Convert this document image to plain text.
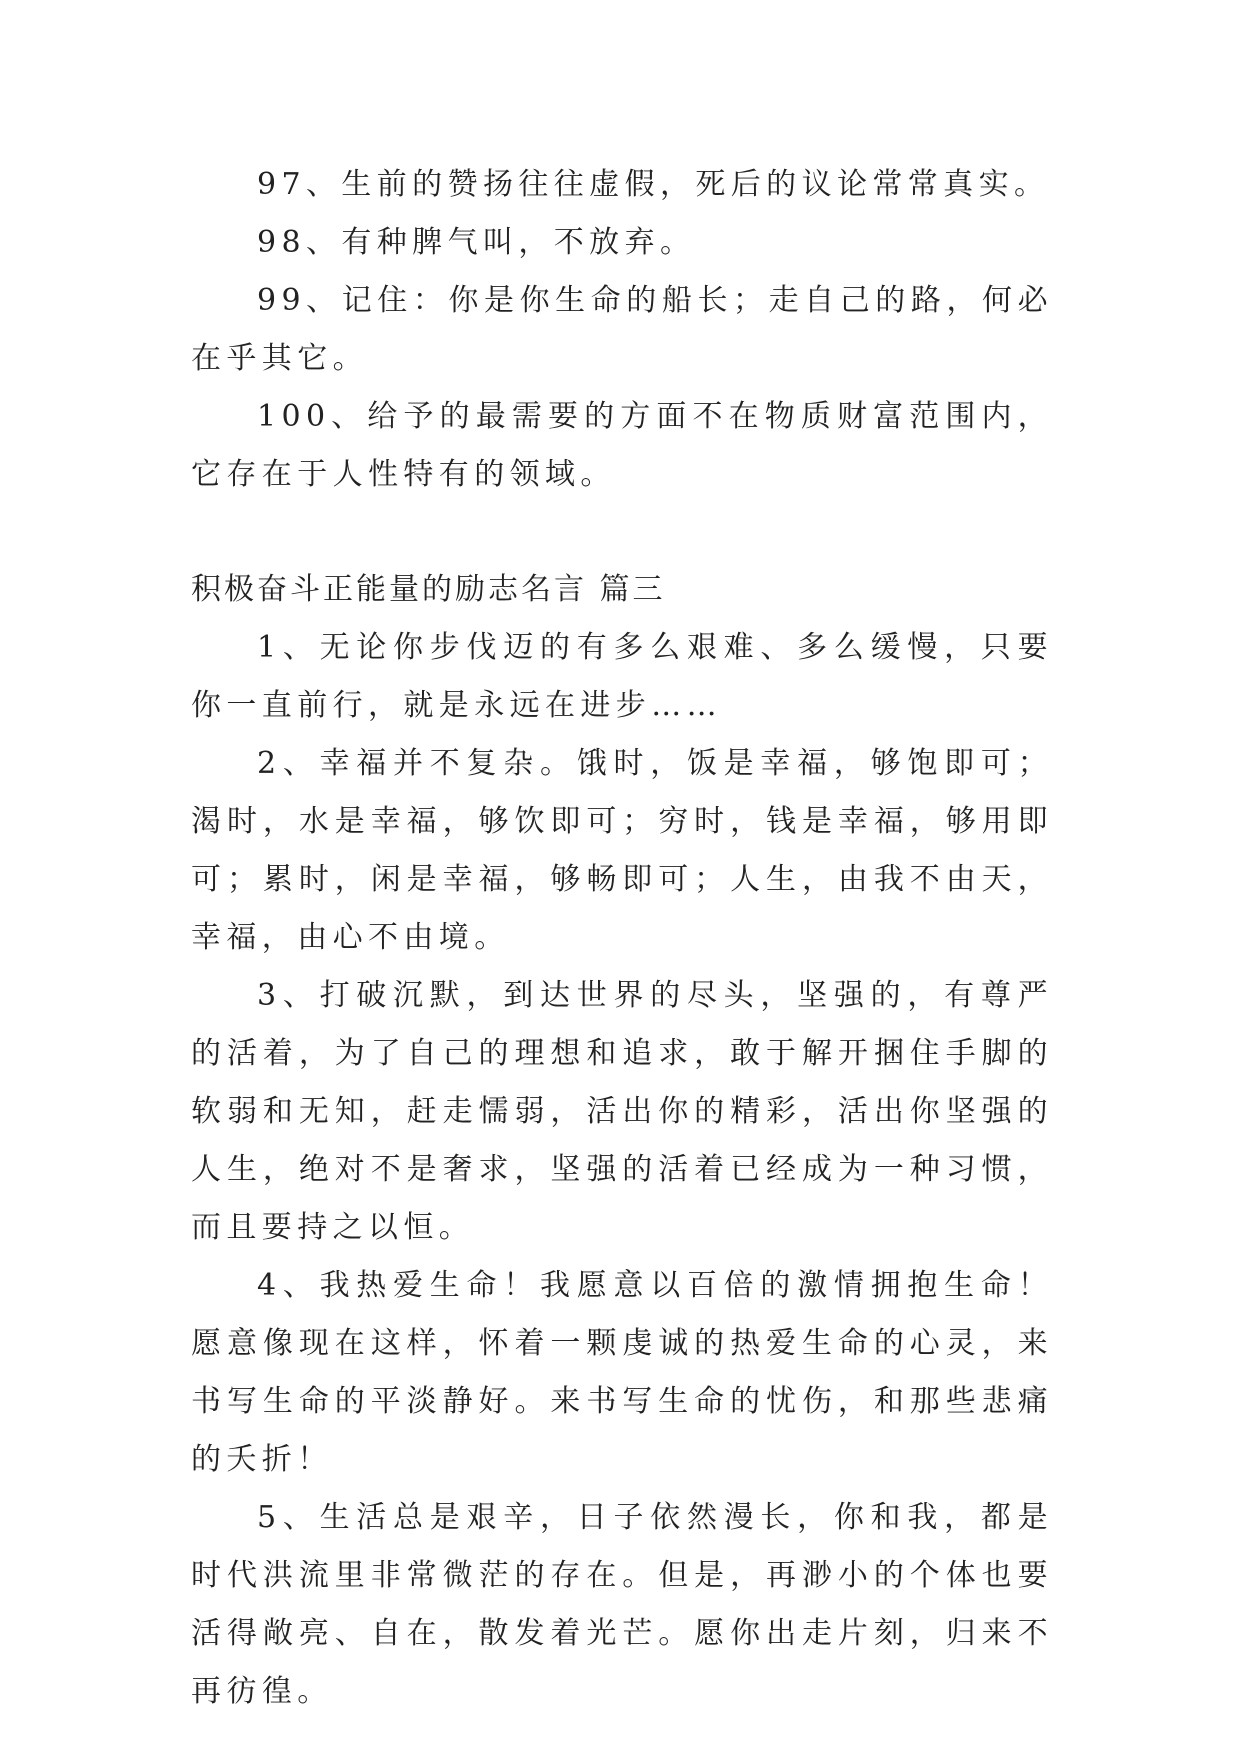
97、生前的赞扬往往虚假，死后的议论常常真实。

98、有种脾气叫，不放弃。

99、记住：你是你生命的船长；走自己的路，何必在乎其它。

100、给予的最需要的方面不在物质财富范围内，它存在于人性特有的领域。

积极奋斗正能量的励志名言 篇三

1、无论你步伐迈的有多么艰难、多么缓慢，只要你一直前行，就是永远在进步……

2、幸福并不复杂。饿时，饭是幸福，够饱即可；渴时，水是幸福，够饮即可；穷时，钱是幸福，够用即可；累时，闲是幸福，够畅即可；人生，由我不由天，幸福，由心不由境。

3、打破沉默，到达世界的尽头，坚强的，有尊严的活着，为了自己的理想和追求，敢于解开捆住手脚的软弱和无知，赶走懦弱，活出你的精彩，活出你坚强的人生，绝对不是奢求，坚强的活着已经成为一种习惯，而且要持之以恒。

4、我热爱生命！我愿意以百倍的激情拥抱生命！愿意像现在这样，怀着一颗虔诚的热爱生命的心灵，来书写生命的平淡静好。来书写生命的忧伤，和那些悲痛的夭折！

5、生活总是艰辛，日子依然漫长，你和我，都是时代洪流里非常微茫的存在。但是，再渺小的个体也要活得敞亮、自在，散发着光芒。愿你出走片刻，归来不再彷徨。
